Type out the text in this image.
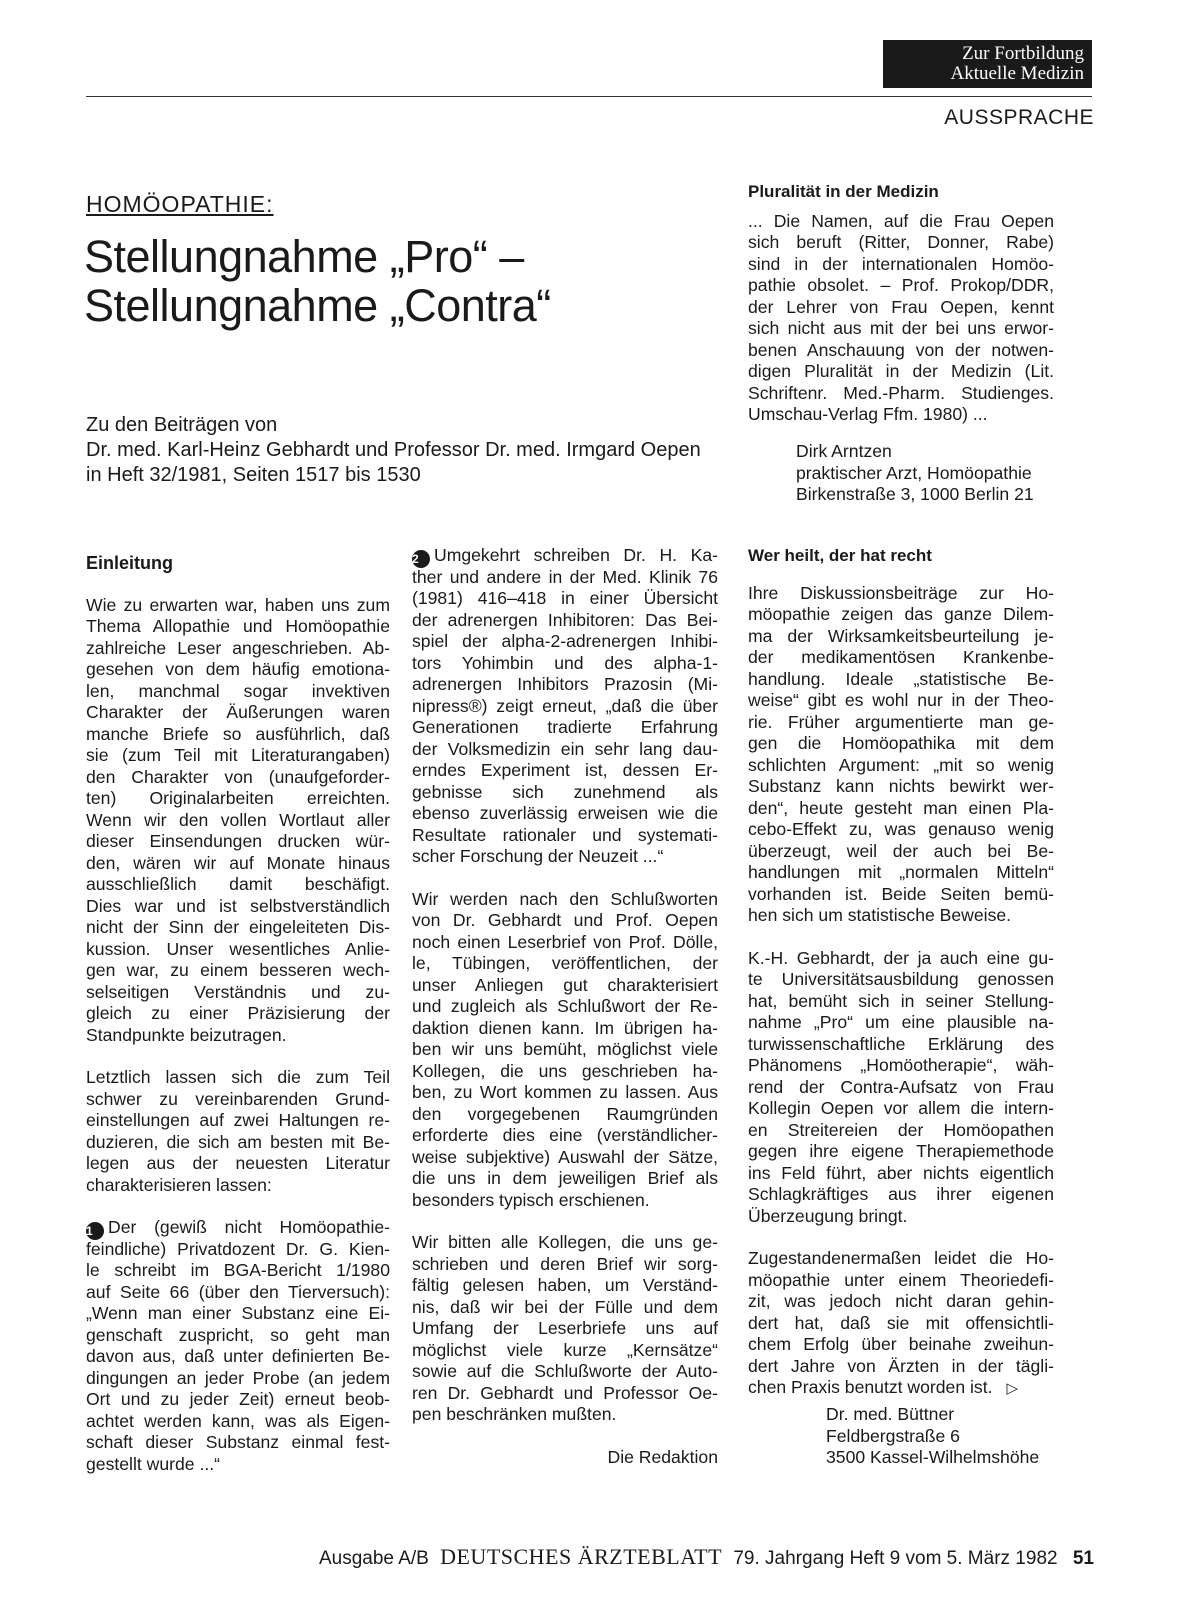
Zur Fortbildung
Aktuelle Medizin
AUSSPRACHE
HOMÖOPATHIE:
Stellungnahme „Pro“ –
Stellungnahme „Contra“
Zu den Beiträgen von
Dr. med. Karl-Heinz Gebhardt und Professor Dr. med. Irmgard Oepen
in Heft 32/1981, Seiten 1517 bis 1530
Pluralität in der Medizin
... Die Namen, auf die Frau Oepen
sich beruft (Ritter, Donner, Rabe)
sind in der internationalen Homöo-
pathie obsolet. – Prof. Prokop/DDR,
der Lehrer von Frau Oepen, kennt
sich nicht aus mit der bei uns erwor-
benen Anschauung von der notwen-
digen Pluralität in der Medizin (Lit.
Schriftenr. Med.-Pharm. Studienges.
Umschau-Verlag Ffm. 1980) ...
Dirk Arntzen
praktischer Arzt, Homöopathie
Birkenstraße 3, 1000 Berlin 21
Einleitung
Wie zu erwarten war, haben uns zum
Thema Allopathie und Homöopathie
zahlreiche Leser angeschrieben. Ab-
gesehen von dem häufig emotiona-
len, manchmal sogar invektiven
Charakter der Äußerungen waren
manche Briefe so ausführlich, daß
sie (zum Teil mit Literaturangaben)
den Charakter von (unaufgeforder-
ten) Originalarbeiten erreichten.
Wenn wir den vollen Wortlaut aller
dieser Einsendungen drucken wür-
den, wären wir auf Monate hinaus
ausschließlich damit beschäfigt.
Dies war und ist selbstverständlich
nicht der Sinn der eingeleiteten Dis-
kussion. Unser wesentliches Anlie-
gen war, zu einem besseren wech-
selseitigen Verständnis und zu-
gleich zu einer Präzisierung der
Standpunkte beizutragen.
Letztlich lassen sich die zum Teil
schwer zu vereinbarenden Grund-
einstellungen auf zwei Haltungen re-
duzieren, die sich am besten mit Be-
legen aus der neuesten Literatur
charakterisieren lassen:
1 Der (gewiß nicht Homöopathie-
feindliche) Privatdozent Dr. G. Kien-
le schreibt im BGA-Bericht 1/1980
auf Seite 66 (über den Tierversuch):
„Wenn man einer Substanz eine Ei-
genschaft zuspricht, so geht man
davon aus, daß unter definierten Be-
dingungen an jeder Probe (an jedem
Ort und zu jeder Zeit) erneut beob-
achtet werden kann, was als Eigen-
schaft dieser Substanz einmal fest-
gestellt wurde ...“
2 Umgekehrt schreiben Dr. H. Ka-
ther und andere in der Med. Klinik 76
(1981) 416–418 in einer Übersicht
der adrenergen Inhibitoren: Das Bei-
spiel der alpha-2-adrenergen Inhibi-
tors Yohimbin und des alpha-1-
adrenergen Inhibitors Prazosin (Mi-
nipress®) zeigt erneut, „daß die über
Generationen tradierte Erfahrung
der Volksmedizin ein sehr lang dau-
erndes Experiment ist, dessen Er-
gebnisse sich zunehmend als
ebenso zuverlässig erweisen wie die
Resultate rationaler und systemati-
scher Forschung der Neuzeit ...“
Wir werden nach den Schlußworten
von Dr. Gebhardt und Prof. Oepen
noch einen Leserbrief von Prof. Dölle,
le, Tübingen, veröffentlichen, der
unser Anliegen gut charakterisiert
und zugleich als Schlußwort der Re-
daktion dienen kann. Im übrigen ha-
ben wir uns bemüht, möglichst viele
Kollegen, die uns geschrieben ha-
ben, zu Wort kommen zu lassen. Aus
den vorgegebenen Raumgründen
erforderte dies eine (verständlicher-
weise subjektive) Auswahl der Sätze,
die uns in dem jeweiligen Brief als
besonders typisch erschienen.
Wir bitten alle Kollegen, die uns ge-
schrieben und deren Brief wir sorg-
fältig gelesen haben, um Verständ-
nis, daß wir bei der Fülle und dem
Umfang der Leserbriefe uns auf
möglichst viele kurze „Kernsätze“
sowie auf die Schlußworte der Auto-
ren Dr. Gebhardt und Professor Oe-
pen beschränken mußten.
Die Redaktion
Wer heilt, der hat recht
Ihre Diskussionsbeiträge zur Ho-
möopathie zeigen das ganze Dilem-
ma der Wirksamkeitsbeurteilung je-
der medikamentösen Krankenbe-
handlung. Ideale „statistische Be-
weise“ gibt es wohl nur in der Theo-
rie. Früher argumentierte man ge-
gen die Homöopathika mit dem
schlichten Argument: „mit so wenig
Substanz kann nichts bewirkt wer-
den“, heute gesteht man einen Pla-
cebo-Effekt zu, was genauso wenig
überzeugt, weil der auch bei Be-
handlungen mit „normalen Mitteln“
vorhanden ist. Beide Seiten bemü-
hen sich um statistische Beweise.
K.-H. Gebhardt, der ja auch eine gu-
te Universitätsausbildung genossen
hat, bemüht sich in seiner Stellung-
nahme „Pro“ um eine plausible na-
turwissenschaftliche Erklärung des
Phänomens „Homöotherapie“, wäh-
rend der Contra-Aufsatz von Frau
Kollegin Oepen vor allem die intern-
en Streitereien der Homöopathen
gegen ihre eigene Therapiemethode
ins Feld führt, aber nichts eigentlich
Schlagkräftiges aus ihrer eigenen
Überzeugung bringt.
Zugestandenermaßen leidet die Ho-
möopathie unter einem Theoriedefi-
zit, was jedoch nicht daran gehin-
dert hat, daß sie mit offensichtli-
chem Erfolg über beinahe zweihun-
dert Jahre von Ärzten in der tägli-
chen Praxis benutzt worden ist. ▷
Dr. med. Büttner
Feldbergstraße 6
3500 Kassel-Wilhelmshöhe
Ausgabe A/B DEUTSCHES ÄRZTEBLATT 79. Jahrgang Heft 9 vom 5. März 1982 51
